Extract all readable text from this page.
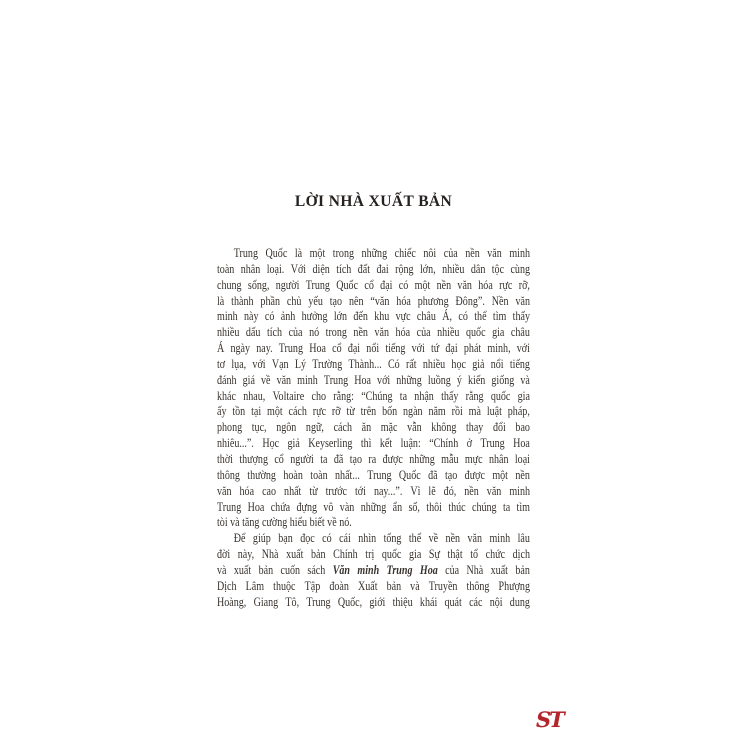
LỜI NHÀ XUẤT BẢN
Trung Quốc là một trong những chiếc nôi của nền văn minh
toàn nhân loại. Với diện tích đất đai rộng lớn, nhiều dân tộc cùng
chung sống, người Trung Quốc cổ đại có một nền văn hóa rực rỡ,
là thành phần chủ yếu tạo nên “văn hóa phương Đông”. Nền văn
minh này có ảnh hưởng lớn đến khu vực châu Á, có thể tìm thấy
nhiều dấu tích của nó trong nền văn hóa của nhiều quốc gia châu
Á ngày nay. Trung Hoa cổ đại nổi tiếng với tứ đại phát minh, với
tơ lụa, với Vạn Lý Trường Thành... Có rất nhiều học giả nổi tiếng
đánh giá về văn minh Trung Hoa với những luồng ý kiến giống và
khác nhau, Voltaire cho rằng: “Chúng ta nhận thấy rằng quốc gia
ấy tồn tại một cách rực rỡ từ trên bốn ngàn năm rồi mà luật pháp,
phong tục, ngôn ngữ, cách ăn mặc vẫn không thay đổi bao
nhiêu...”. Học giả Keyserling thì kết luận: “Chính ở Trung Hoa
thời thượng cổ người ta đã tạo ra được những mẫu mực nhân loại
thông thường hoàn toàn nhất... Trung Quốc đã tạo được một nền
văn hóa cao nhất từ trước tới nay...”. Vì lẽ đó, nền văn minh
Trung Hoa chứa đựng vô vàn những ẩn số, thôi thúc chúng ta tìm
tòi và tăng cường hiểu biết về nó.
Để giúp bạn đọc có cái nhìn tổng thể về nền văn minh lâu
đời này, Nhà xuất bản Chính trị quốc gia Sự thật tổ chức dịch
và xuất bản cuốn sách Văn minh Trung Hoa của Nhà xuất bản
Dịch Lâm thuộc Tập đoàn Xuất bản và Truyền thông Phượng
Hoàng, Giang Tô, Trung Quốc, giới thiệu khái quát các nội dung
ST
